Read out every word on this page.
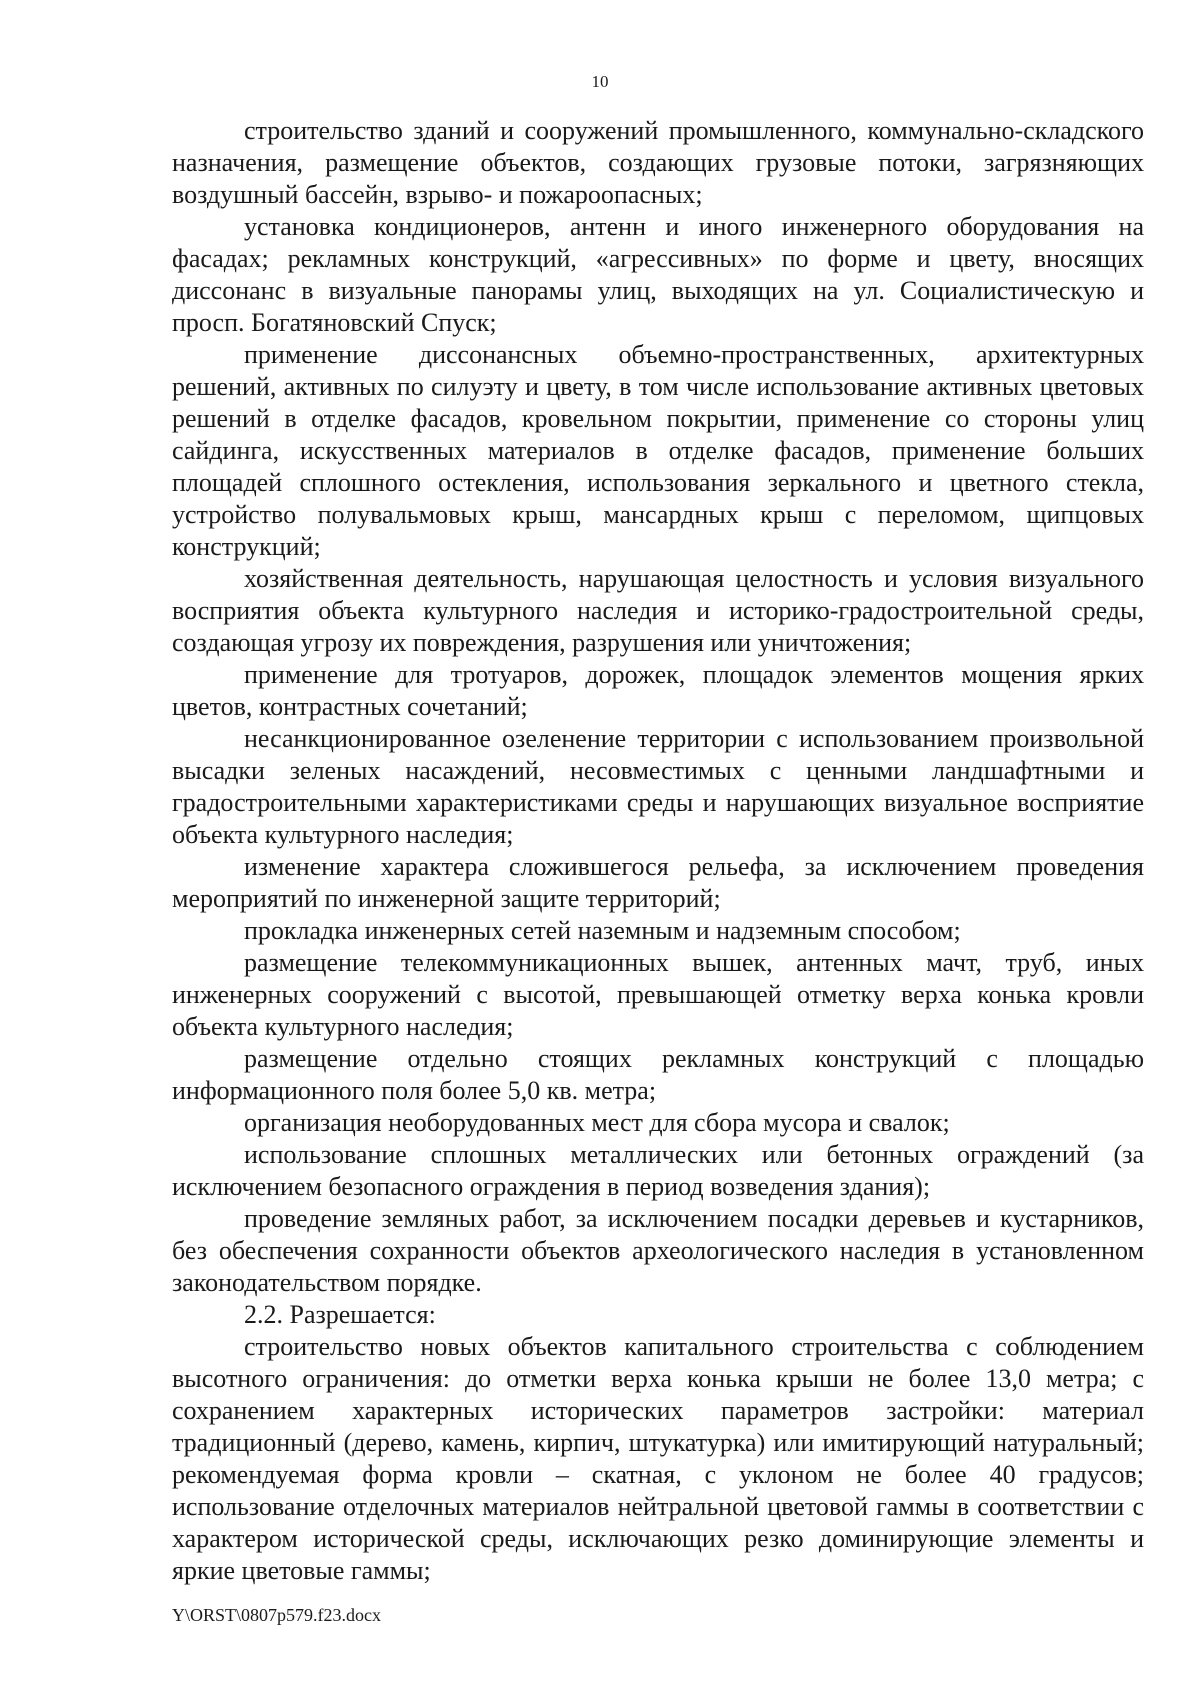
10

строительство зданий и сооружений промышленного, коммунально-складского назначения, размещение объектов, создающих грузовые потоки, загрязняющих воздушный бассейн, взрыво- и пожароопасных;

установка кондиционеров, антенн и иного инженерного оборудования на фасадах; рекламных конструкций, «агрессивных» по форме и цвету, вносящих диссонанс в визуальные панорамы улиц, выходящих на ул. Социалистическую и просп. Богатяновский Спуск;

применение диссонансных объемно-пространственных, архитектурных решений, активных по силуэту и цвету, в том числе использование активных цветовых решений в отделке фасадов, кровельном покрытии, применение со стороны улиц сайдинга, искусственных материалов в отделке фасадов, применение больших площадей сплошного остекления, использования зеркального и цветного стекла, устройство полувальмовых крыш, мансардных крыш с переломом, щипцовых конструкций;

хозяйственная деятельность, нарушающая целостность и условия визуального восприятия объекта культурного наследия и историко-градостроительной среды, создающая угрозу их повреждения, разрушения или уничтожения;

применение для тротуаров, дорожек, площадок элементов мощения ярких цветов, контрастных сочетаний;

несанкционированное озеленение территории с использованием произвольной высадки зеленых насаждений, несовместимых с ценными ландшафтными и градостроительными характеристиками среды и нарушающих визуальное восприятие объекта культурного наследия;

изменение характера сложившегося рельефа, за исключением проведения мероприятий по инженерной защите территорий;

прокладка инженерных сетей наземным и надземным способом;

размещение телекоммуникационных вышек, антенных мачт, труб, иных инженерных сооружений с высотой, превышающей отметку верха конька кровли объекта культурного наследия;

размещение отдельно стоящих рекламных конструкций с площадью информационного поля более 5,0 кв. метра;

организация необорудованных мест для сбора мусора и свалок;

использование сплошных металлических или бетонных ограждений (за исключением безопасного ограждения в период возведения здания);

проведение земляных работ, за исключением посадки деревьев и кустарников, без обеспечения сохранности объектов археологического наследия в установленном законодательством порядке.

2.2. Разрешается:

строительство новых объектов капитального строительства с соблюдением высотного ограничения: до отметки верха конька крыши не более 13,0 метра; с сохранением характерных исторических параметров застройки: материал традиционный (дерево, камень, кирпич, штукатурка) или имитирующий натуральный; рекомендуемая форма кровли – скатная, с уклоном не более 40 градусов; использование отделочных материалов нейтральной цветовой гаммы в соответствии с характером исторической среды, исключающих резко доминирующие элементы и яркие цветовые гаммы;

Y\ORST\0807p579.f23.docx
